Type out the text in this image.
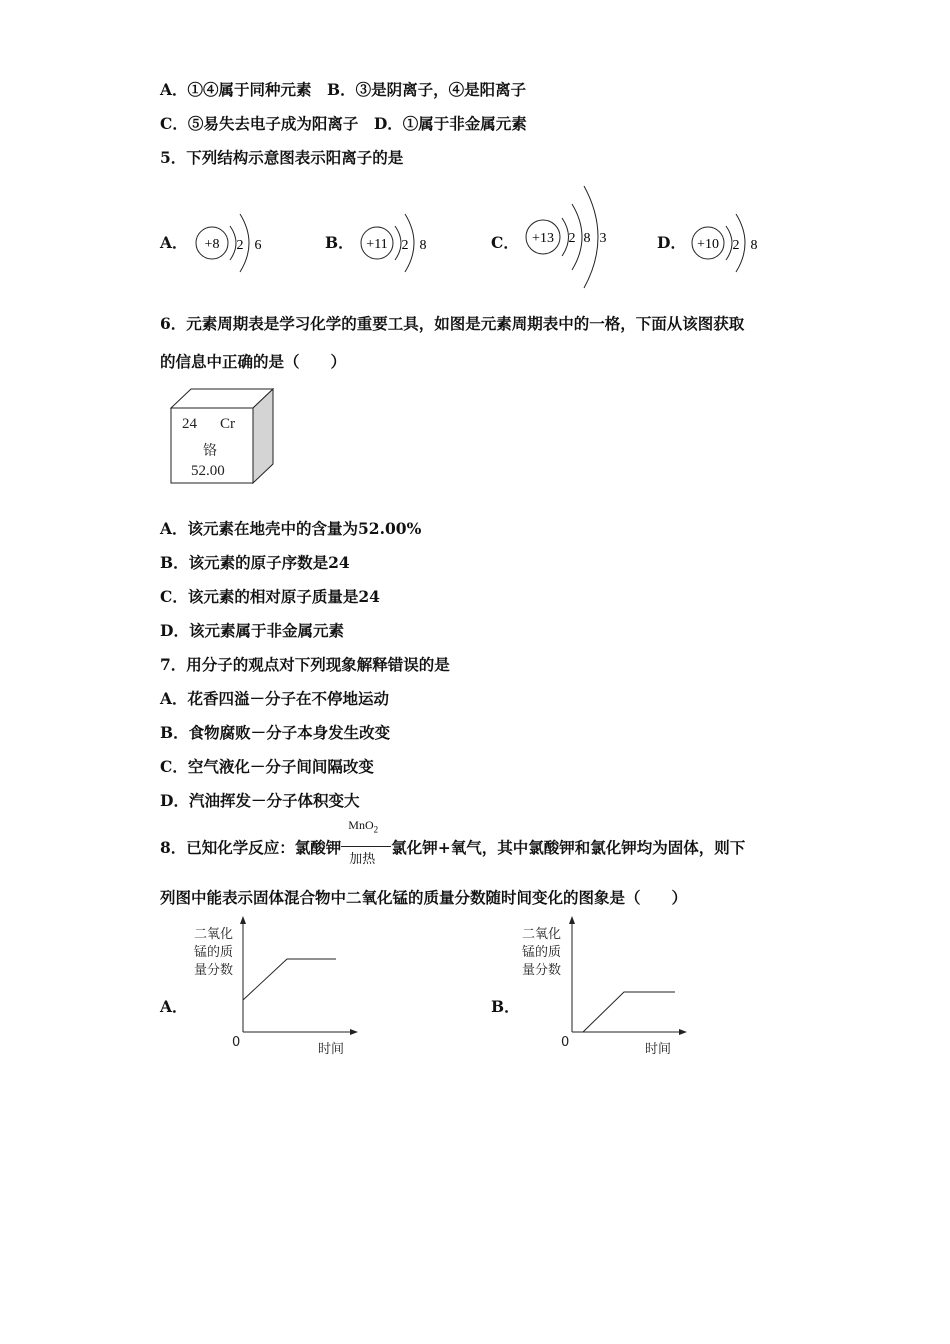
A．①④属于同种元素　B．③是阴离子，④是阳离子
C．⑤易失去电子成为阳离子　D．①属于非金属元素
5．下列结构示意图表示阳离子的是
A． +8 2 6	B． +11 2 8	C． +13 2 8 3	D． +10 2 8
6．元素周期表是学习化学的重要工具，如图是元素周期表中的一格，下面从该图获取
的信息中正确的是（　　）
24 Cr
铬
52.00
A．该元素在地壳中的含量为52.00%
B．该元素的原子序数是24
C．该元素的相对原子质量是24
D．该元素属于非金属元素
7．用分子的观点对下列现象解释错误的是
A．花香四溢－分子在不停地运动
B．食物腐败－分子本身发生改变
C．空气液化－分子间间隔改变
D．汽油挥发－分子体积变大
8．已知化学反应：氯酸钾
MnO$_2$
加热
氯化钾+氧气，其中氯酸钾和氯化钾均为固体，则下
列图中能表示固体混合物中二氧化锰的质量分数随时间变化的图象是（　　）
A．
二氧化
锰的质
量分数
0	时间
B．
二氧化
锰的质
量分数
0	时间
